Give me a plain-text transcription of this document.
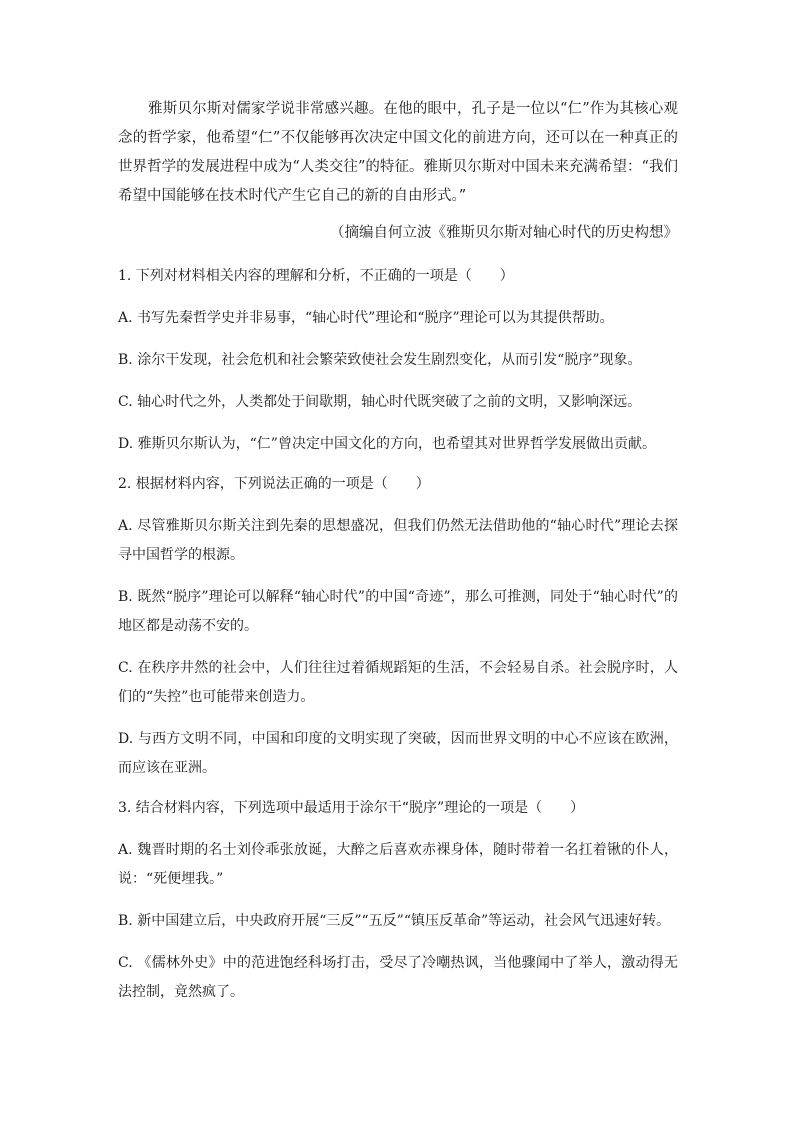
雅斯贝尔斯对儒家学说非常感兴趣。在他的眼中，孔子是一位以“仁”作为其核心观念的哲学家，他希望“仁”不仅能够再次决定中国文化的前进方向，还可以在一种真正的世界哲学的发展进程中成为“人类交往”的特征。雅斯贝尔斯对中国未来充满希望：“我们希望中国能够在技术时代产生它自己的新的自由形式。”

（摘编自何立波《雅斯贝尔斯对轴心时代的历史构想》

1. 下列对材料相关内容的理解和分析，不正确的一项是（　　）

A. 书写先秦哲学史并非易事，“轴心时代”理论和“脱序”理论可以为其提供帮助。

B. 涂尔干发现，社会危机和社会繁荣致使社会发生剧烈变化，从而引发“脱序”现象。

C. 轴心时代之外，人类都处于间歇期，轴心时代既突破了之前的文明，又影响深远。

D. 雅斯贝尔斯认为，“仁”曾决定中国文化的方向，也希望其对世界哲学发展做出贡献。

2. 根据材料内容，下列说法正确的一项是（　　）

A. 尽管雅斯贝尔斯关注到先秦的思想盛况，但我们仍然无法借助他的“轴心时代”理论去探寻中国哲学的根源。

B. 既然“脱序”理论可以解释“轴心时代”的中国“奇迹”，那么可推测，同处于“轴心时代”的地区都是动荡不安的。

C. 在秩序井然的社会中，人们往往过着循规蹈矩的生活，不会轻易自杀。社会脱序时，人们的“失控”也可能带来创造力。

D. 与西方文明不同，中国和印度的文明实现了突破，因而世界文明的中心不应该在欧洲，而应该在亚洲。

3. 结合材料内容，下列选项中最适用于涂尔干“脱序”理论的一项是（　　）

A. 魏晋时期的名士刘伶乖张放诞，大醉之后喜欢赤裸身体，随时带着一名扛着锹的仆人，说：“死便埋我。”

B. 新中国建立后，中央政府开展“三反”“五反”“镇压反革命”等运动，社会风气迅速好转。

C. 《儒林外史》中的范进饱经科场打击，受尽了冷嘲热讽，当他骤闻中了举人，激动得无法控制，竟然疯了。
